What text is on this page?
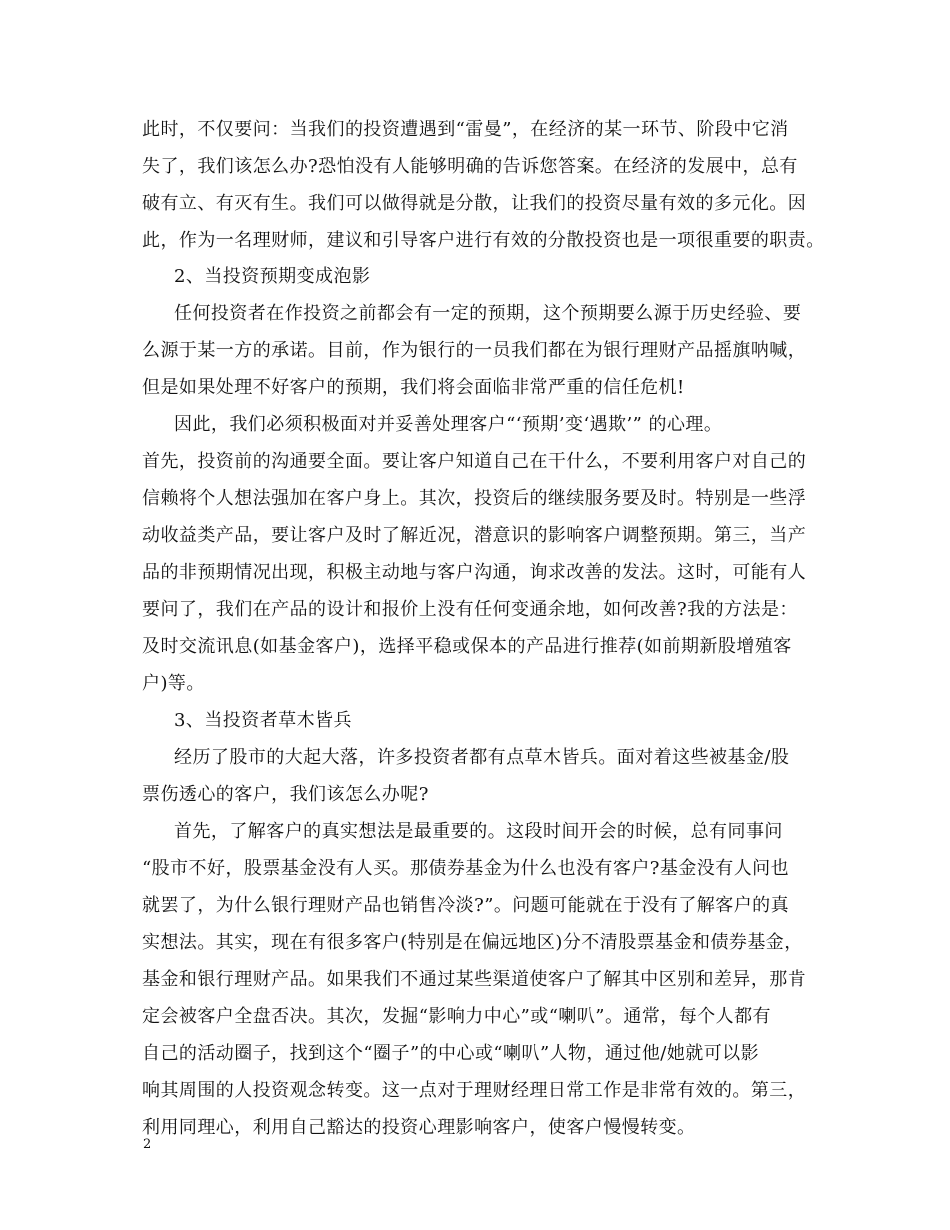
此时，不仅要问：当我们的投资遭遇到“雷曼”，在经济的某一环节、阶段中它消
失了，我们该怎么办?恐怕没有人能够明确的告诉您答案。在经济的发展中，总有
破有立、有灭有生。我们可以做得就是分散，让我们的投资尽量有效的多元化。因
此，作为一名理财师，建议和引导客户进行有效的分散投资也是一项很重要的职责。
2、当投资预期变成泡影
任何投资者在作投资之前都会有一定的预期，这个预期要么源于历史经验、要
么源于某一方的承诺。目前，作为银行的一员我们都在为银行理财产品摇旗呐喊，
但是如果处理不好客户的预期，我们将会面临非常严重的信任危机!
因此，我们必须积极面对并妥善处理客户“‘预期’变‘遇欺’” 的心理。
首先，投资前的沟通要全面。要让客户知道自己在干什么，不要利用客户对自己的
信赖将个人想法强加在客户身上。其次，投资后的继续服务要及时。特别是一些浮
动收益类产品，要让客户及时了解近况，潜意识的影响客户调整预期。第三，当产
品的非预期情况出现，积极主动地与客户沟通，询求改善的发法。这时，可能有人
要问了，我们在产品的设计和报价上没有任何变通余地，如何改善?我的方法是：
及时交流讯息(如基金客户)，选择平稳或保本的产品进行推荐(如前期新股增殖客
户)等。
3、当投资者草木皆兵
经历了股市的大起大落，许多投资者都有点草木皆兵。面对着这些被基金/股
票伤透心的客户，我们该怎么办呢?
首先，了解客户的真实想法是最重要的。这段时间开会的时候，总有同事问
“股市不好，股票基金没有人买。那债券基金为什么也没有客户?基金没有人问也
就罢了，为什么银行理财产品也销售冷淡?”。问题可能就在于没有了解客户的真
实想法。其实，现在有很多客户(特别是在偏远地区)分不清股票基金和债券基金，
基金和银行理财产品。如果我们不通过某些渠道使客户了解其中区别和差异，那肯
定会被客户全盘否决。其次，发掘“影响力中心”或“喇叭”。通常，每个人都有
自己的活动圈子，找到这个“圈子”的中心或“喇叭”人物，通过他/她就可以影
响其周围的人投资观念转变。这一点对于理财经理日常工作是非常有效的。第三，
利用同理心，利用自己豁达的投资心理影响客户，使客户慢慢转变。
2
